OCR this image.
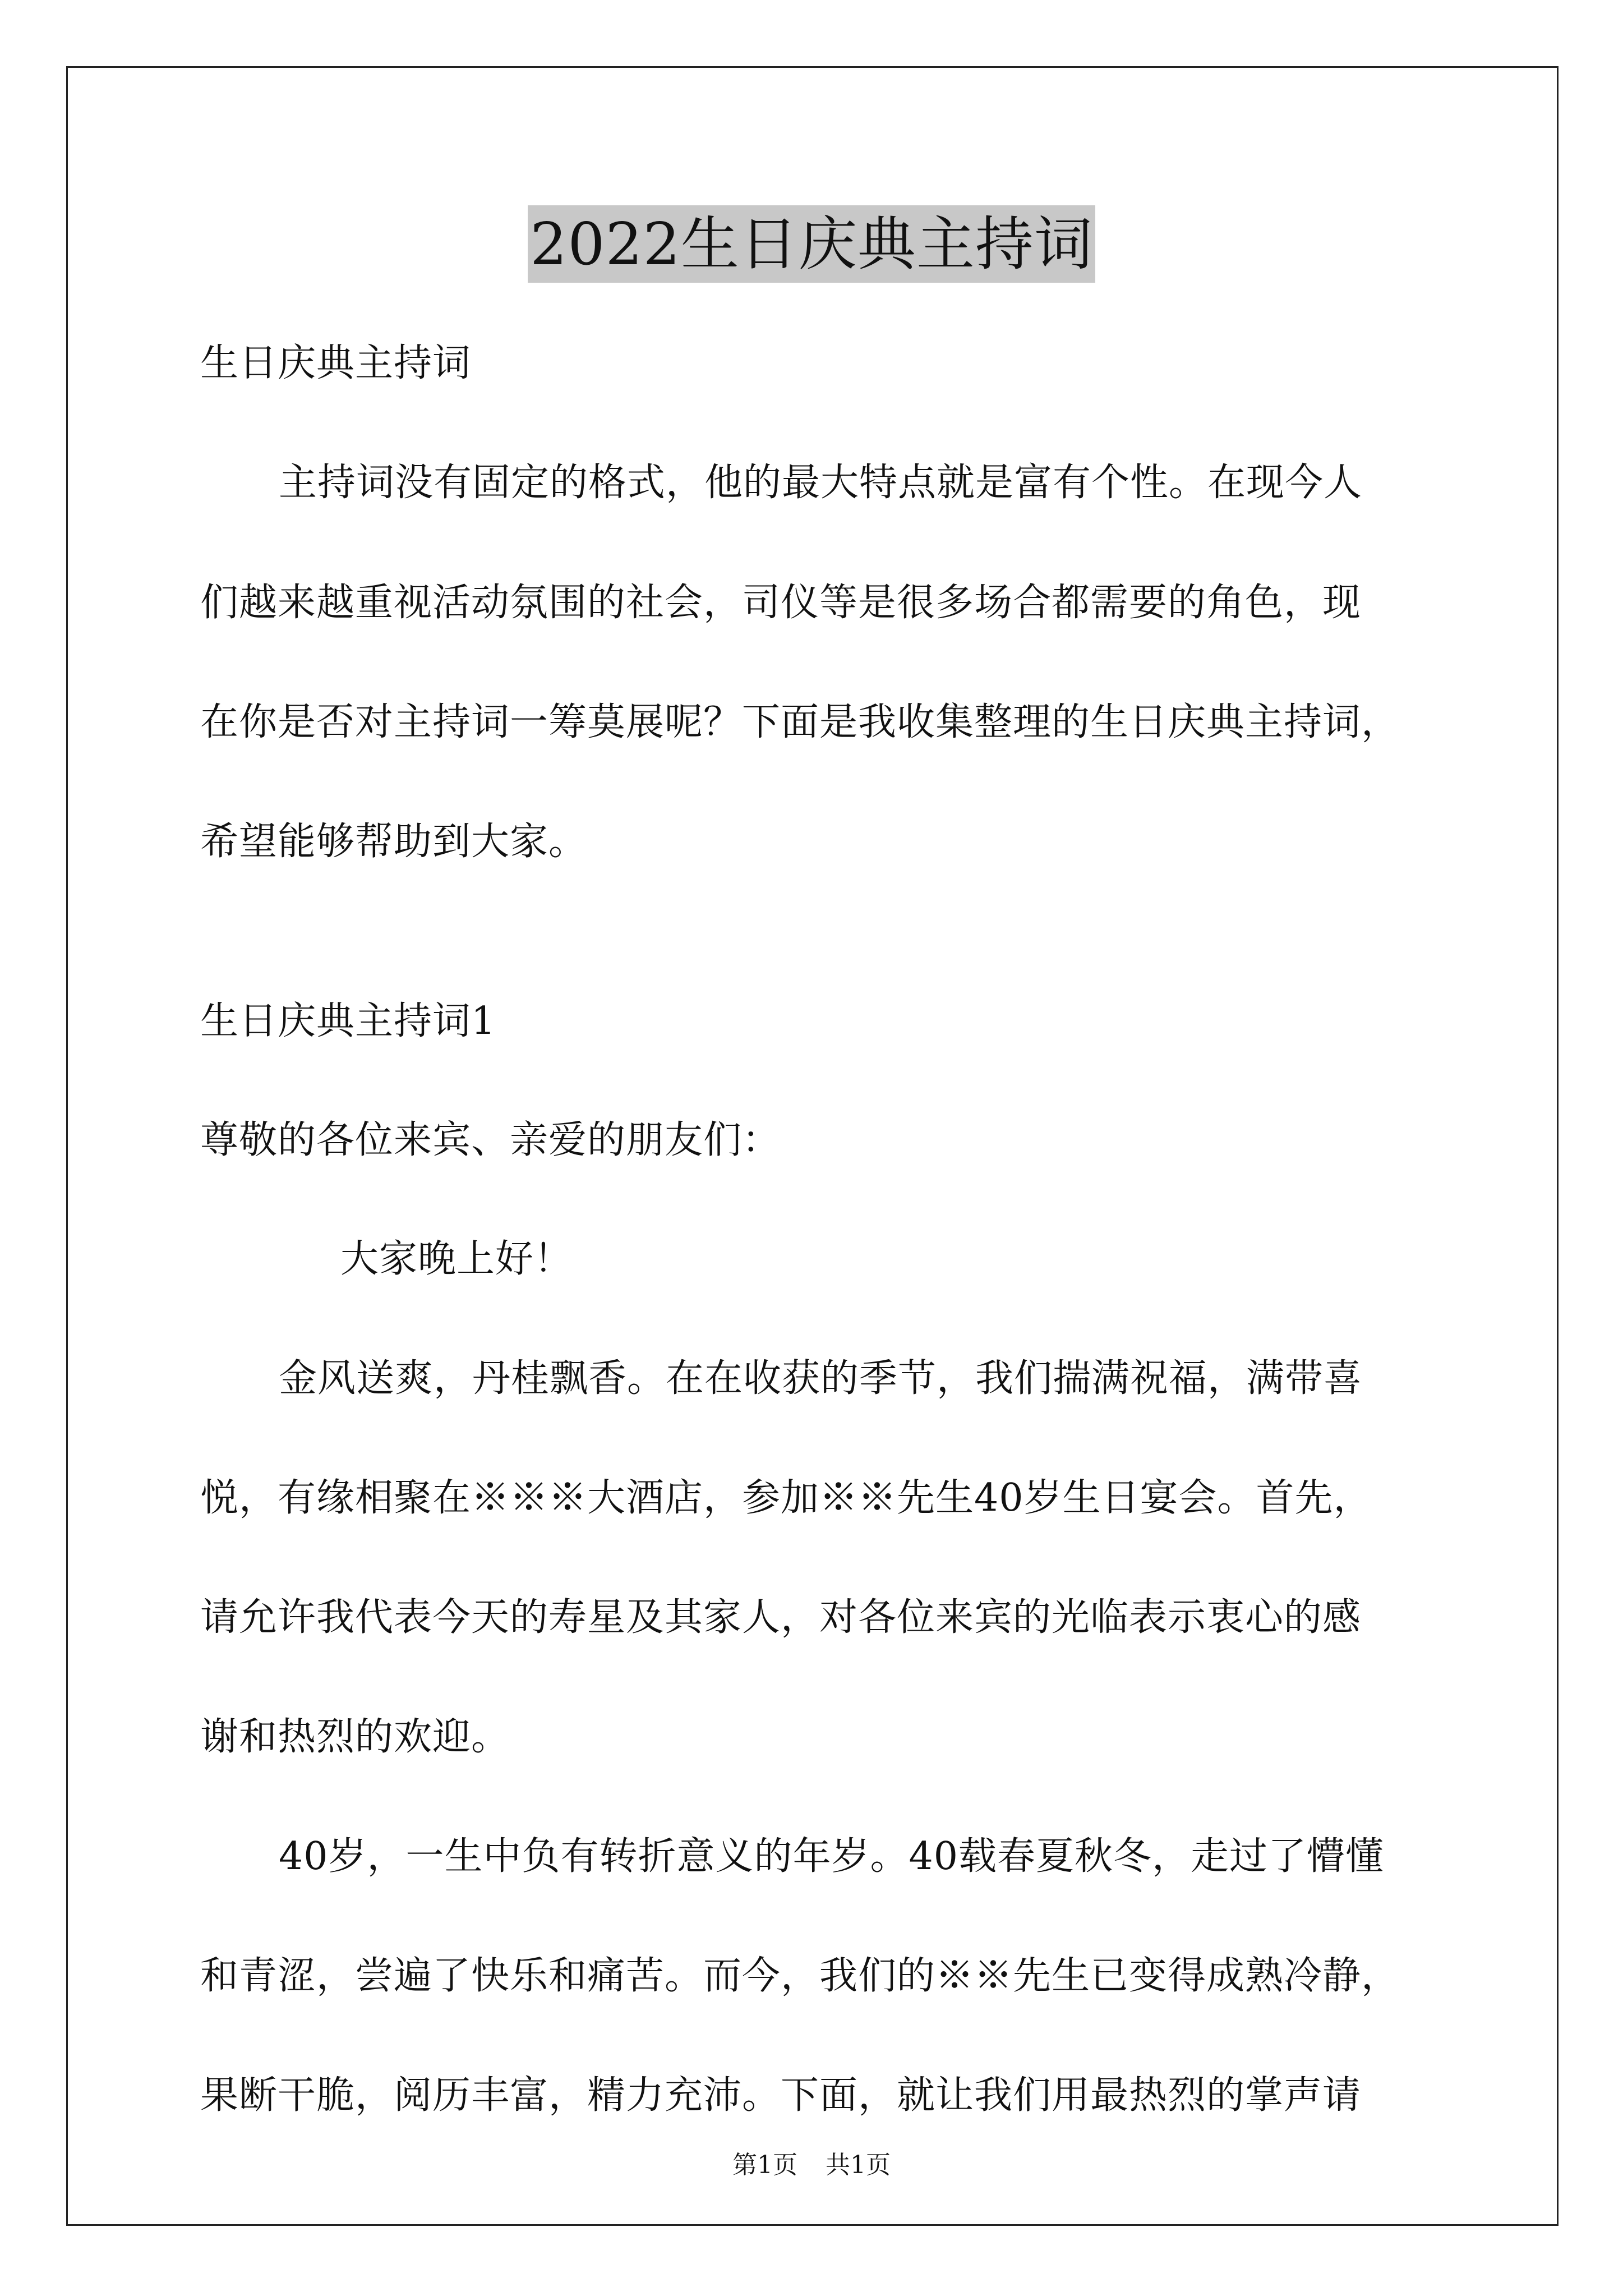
2022生日庆典主持词
生日庆典主持词
主持词没有固定的格式，他的最大特点就是富有个性。在现今人
们越来越重视活动氛围的社会，司仪等是很多场合都需要的角色，现
在你是否对主持词一筹莫展呢？下面是我收集整理的生日庆典主持词，
希望能够帮助到大家。
生日庆典主持词1
尊敬的各位来宾、亲爱的朋友们：
大家晚上好！
金风送爽，丹桂飘香。在在收获的季节，我们揣满祝福，满带喜
悦，有缘相聚在※※※大酒店，参加※※先生40岁生日宴会。首先，
请允许我代表今天的寿星及其家人，对各位来宾的光临表示衷心的感
谢和热烈的欢迎。
40岁，一生中负有转折意义的年岁。40载春夏秋冬，走过了懵懂
和青涩，尝遍了快乐和痛苦。而今，我们的※※先生已变得成熟冷静，
果断干脆，阅历丰富，精力充沛。下面，就让我们用最热烈的掌声请
第1页 共1页
